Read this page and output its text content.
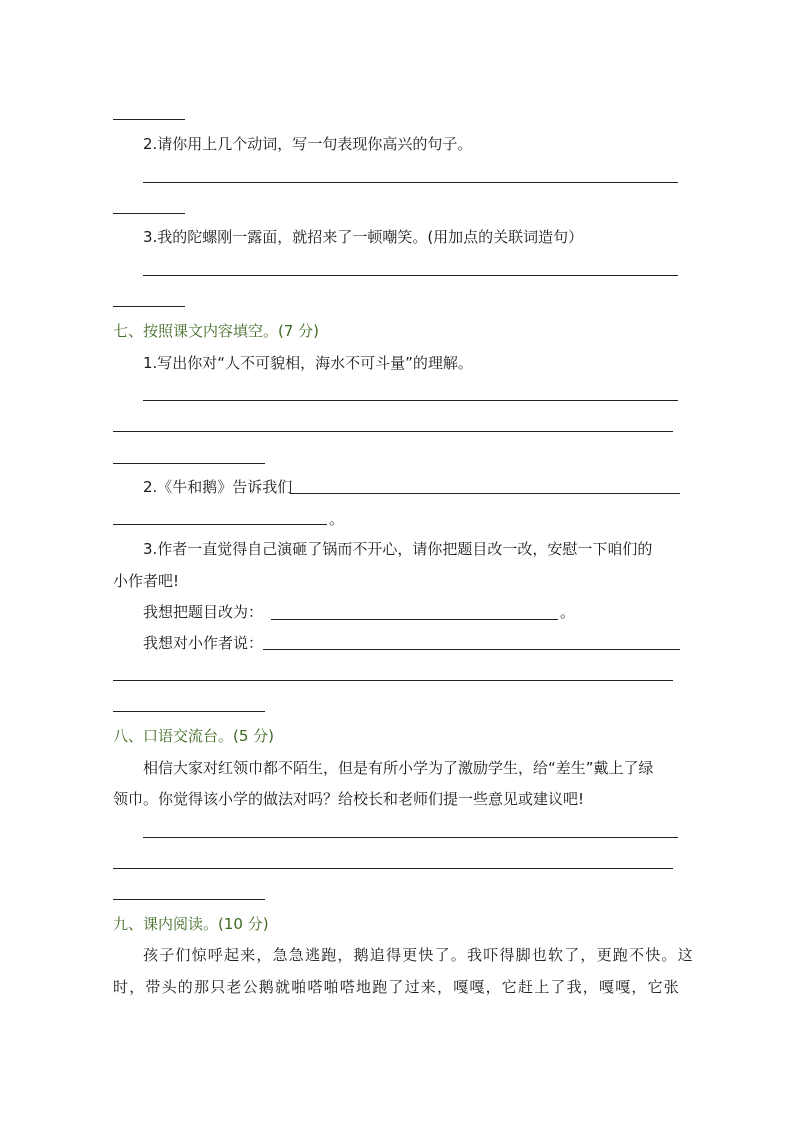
2.请你用上几个动词，写一句表现你高兴的句子。
3.我的陀螺刚一露面，就招来了一顿嘲笑。(用加点的关联词造句）
七、按照课文内容填空。(7 分)
1.写出你对“人不可貌相，海水不可斗量”的理解。
2.《牛和鹅》告诉我们
。
3.作者一直觉得自己演砸了锅而不开心，请你把题目改一改，安慰一下咱们的
小作者吧!
我想把题目改为：	。
我想对小作者说：
八、口语交流台。(5 分)
相信大家对红领巾都不陌生，但是有所小学为了激励学生，给“差生”戴上了绿
领巾。你觉得该小学的做法对吗？给校长和老师们提一些意见或建议吧!
九、课内阅读。(10 分)
孩子们惊呼起来，急急逃跑，鹅追得更快了。我吓得脚也软了，更跑不快。这
时，带头的那只老公鹅就啪嗒啪嗒地跑了过来，嘎嘎，它赶上了我，嘎嘎，它张
